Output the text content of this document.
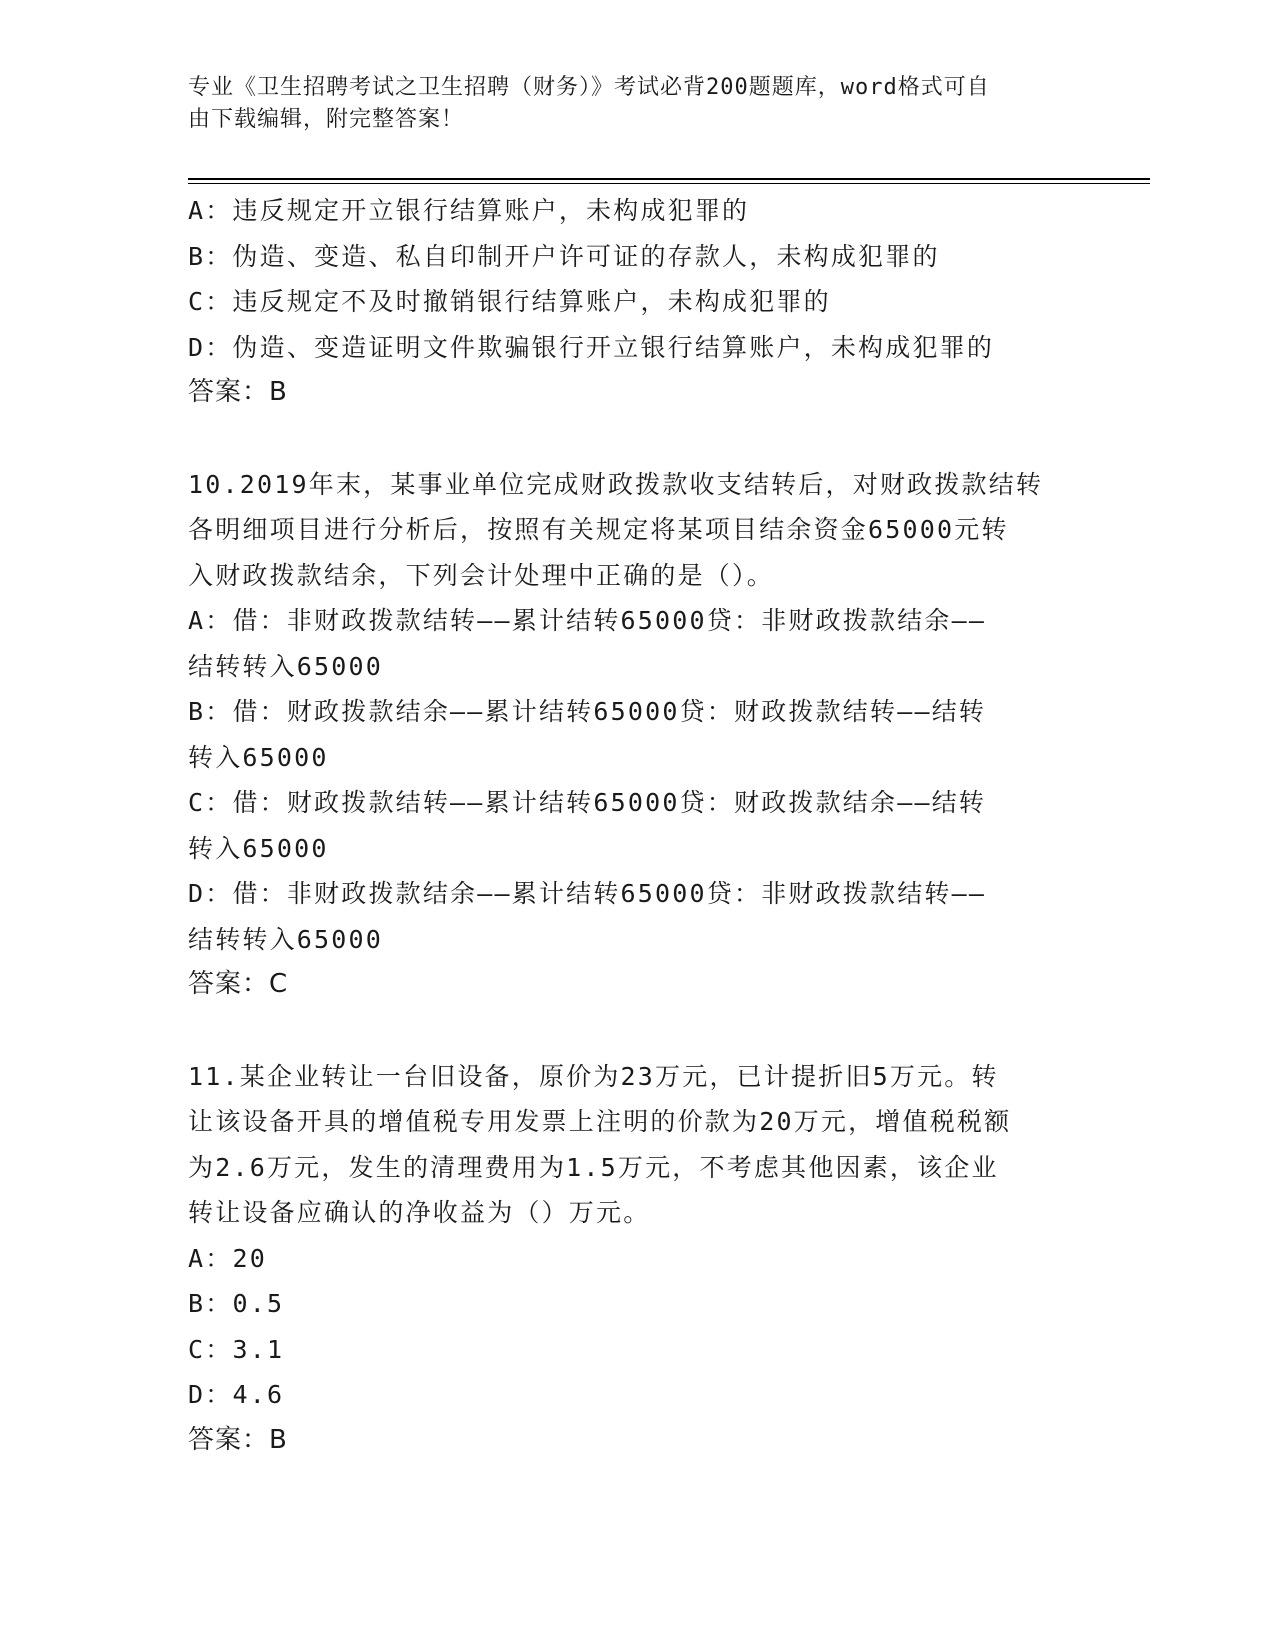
专业《卫生招聘考试之卫生招聘（财务）》考试必背200题题库，word格式可自
由下载编辑，附完整答案！
A：违反规定开立银行结算账户，未构成犯罪的
B：伪造、变造、私自印制开户许可证的存款人，未构成犯罪的
C：违反规定不及时撤销银行结算账户，未构成犯罪的
D：伪造、变造证明文件欺骗银行开立银行结算账户，未构成犯罪的
答案：B
10.2019年末，某事业单位完成财政拨款收支结转后，对财政拨款结转
各明细项目进行分析后，按照有关规定将某项目结余资金65000元转
入财政拨款结余，下列会计处理中正确的是（）。
A：借：非财政拨款结转——累计结转65000贷：非财政拨款结余——
结转转入65000
B：借：财政拨款结余——累计结转65000贷：财政拨款结转——结转
转入65000
C：借：财政拨款结转——累计结转65000贷：财政拨款结余——结转
转入65000
D：借：非财政拨款结余——累计结转65000贷：非财政拨款结转——
结转转入65000
答案：C
11.某企业转让一台旧设备，原价为23万元，已计提折旧5万元。转
让该设备开具的增值税专用发票上注明的价款为20万元，增值税税额
为2.6万元，发生的清理费用为1.5万元，不考虑其他因素，该企业
转让设备应确认的净收益为（）万元。
A：20
B：0.5
C：3.1
D：4.6
答案：B
